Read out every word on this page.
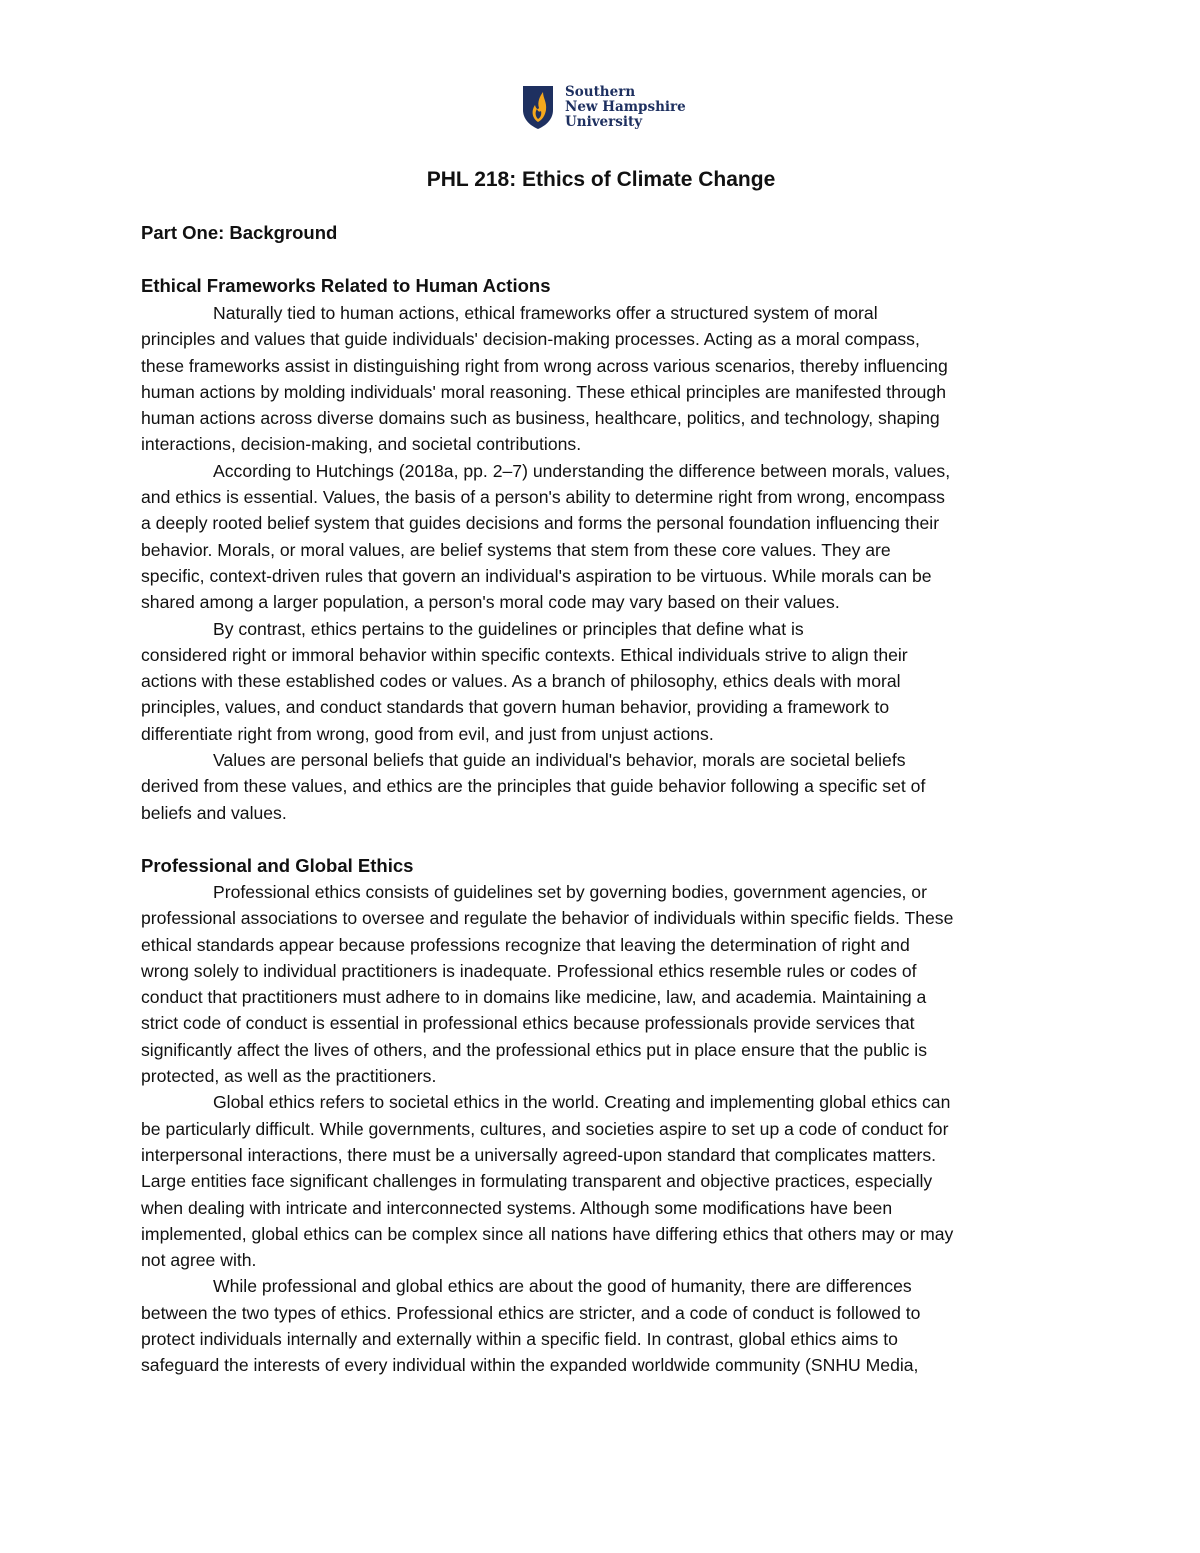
Southern
New Hampshire
University
PHL 218: Ethics of Climate Change
Part One: Background
Ethical Frameworks Related to Human Actions
Naturally tied to human actions, ethical frameworks offer a structured system of moral
principles and values that guide individuals' decision-making processes. Acting as a moral compass,
these frameworks assist in distinguishing right from wrong across various scenarios, thereby influencing
human actions by molding individuals' moral reasoning. These ethical principles are manifested through
human actions across diverse domains such as business, healthcare, politics, and technology, shaping
interactions, decision-making, and societal contributions.
According to Hutchings (2018a, pp. 2–7) understanding the difference between morals, values,
and ethics is essential. Values, the basis of a person's ability to determine right from wrong, encompass
a deeply rooted belief system that guides decisions and forms the personal foundation influencing their
behavior. Morals, or moral values, are belief systems that stem from these core values. They are
specific, context-driven rules that govern an individual's aspiration to be virtuous. While morals can be
shared among a larger population, a person's moral code may vary based on their values.
By contrast, ethics pertains to the guidelines or principles that define what is
considered right or immoral behavior within specific contexts. Ethical individuals strive to align their
actions with these established codes or values. As a branch of philosophy, ethics deals with moral
principles, values, and conduct standards that govern human behavior, providing a framework to
differentiate right from wrong, good from evil, and just from unjust actions.
Values are personal beliefs that guide an individual's behavior, morals are societal beliefs
derived from these values, and ethics are the principles that guide behavior following a specific set of
beliefs and values.
Professional and Global Ethics
Professional ethics consists of guidelines set by governing bodies, government agencies, or
professional associations to oversee and regulate the behavior of individuals within specific fields. These
ethical standards appear because professions recognize that leaving the determination of right and
wrong solely to individual practitioners is inadequate. Professional ethics resemble rules or codes of
conduct that practitioners must adhere to in domains like medicine, law, and academia. Maintaining a
strict code of conduct is essential in professional ethics because professionals provide services that
significantly affect the lives of others, and the professional ethics put in place ensure that the public is
protected, as well as the practitioners.
Global ethics refers to societal ethics in the world. Creating and implementing global ethics can
be particularly difficult. While governments, cultures, and societies aspire to set up a code of conduct for
interpersonal interactions, there must be a universally agreed-upon standard that complicates matters.
Large entities face significant challenges in formulating transparent and objective practices, especially
when dealing with intricate and interconnected systems. Although some modifications have been
implemented, global ethics can be complex since all nations have differing ethics that others may or may
not agree with.
While professional and global ethics are about the good of humanity, there are differences
between the two types of ethics. Professional ethics are stricter, and a code of conduct is followed to
protect individuals internally and externally within a specific field. In contrast, global ethics aims to
safeguard the interests of every individual within the expanded worldwide community (SNHU Media,
